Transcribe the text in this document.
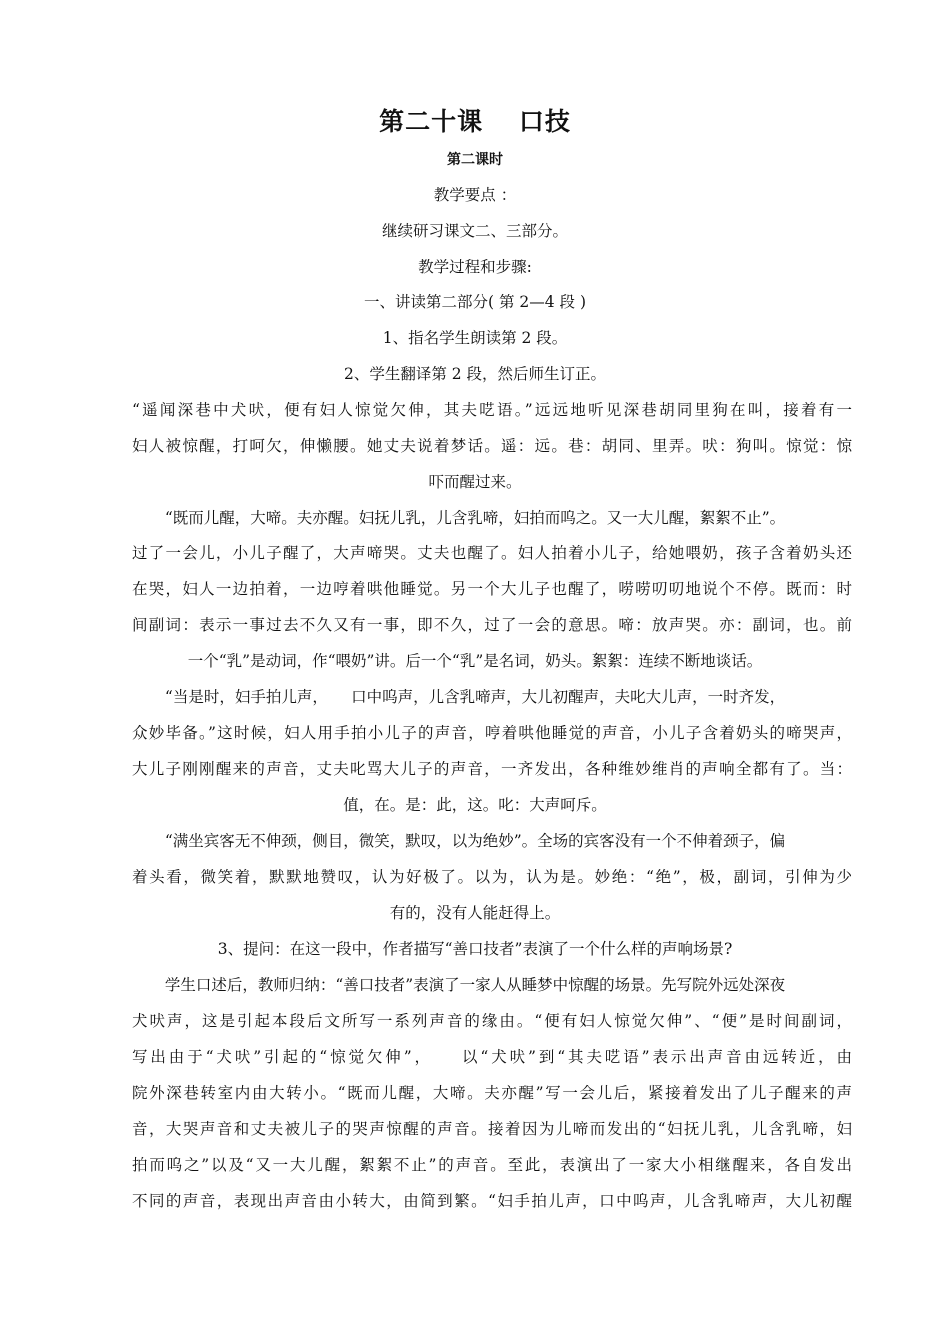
第二十课　 口技
第二课时
教学要点 ：
继续研习课文二、三部分。
教学过程和步骤:
一、讲读第二部分( 第 2—4 段 )
1、指名学生朗读第 2 段。
2、学生翻译第 2 段，然后师生订正。
“遥闻深巷中犬吠，便有妇人惊觉欠伸，其夫呓语。”远远地听见深巷胡同里狗在叫，接着有一
妇人被惊醒，打呵欠，伸懒腰。她丈夫说着梦话。遥：远。巷：胡同、里弄。吠：狗叫。惊觉：惊
吓而醒过来。
“既而儿醒，大啼。夫亦醒。妇抚儿乳，儿含乳啼，妇拍而呜之。又一大儿醒，絮絮不止”。
过了一会儿，小儿子醒了，大声啼哭。丈夫也醒了。妇人拍着小儿子，给她喂奶，孩子含着奶头还
在哭，妇人一边拍着，一边哼着哄他睡觉。另一个大儿子也醒了，唠唠叨叨地说个不停。既而：时
间副词：表示一事过去不久又有一事，即不久，过了一会的意思。啼：放声哭。亦：副词，也。前
一个“乳”是动词，作“喂奶”讲。后一个“乳”是名词，奶头。絮絮：连续不断地谈话。
“当是时，妇手拍儿声，　　口中呜声，儿含乳啼声，大儿初醒声，夫叱大儿声，一时齐发，
众妙毕备。”这时候，妇人用手拍小儿子的声音，哼着哄他睡觉的声音，小儿子含着奶头的啼哭声，
大儿子刚刚醒来的声音，丈夫叱骂大儿子的声音，一齐发出，各种维妙维肖的声响全都有了。当：
值，在。是：此，这。叱：大声呵斥。
“满坐宾客无不伸颈，侧目，微笑，默叹，以为绝妙”。全场的宾客没有一个不伸着颈子，偏
着头看，微笑着，默默地赞叹，认为好极了。以为，认为是。妙绝：“绝”，极，副词，引伸为少
有的，没有人能赶得上。
3、提问：在这一段中，作者描写“善口技者”表演了一个什么样的声响场景?
学生口述后，教师归纳：“善口技者”表演了一家人从睡梦中惊醒的场景。先写院外远处深夜
犬吠声，这是引起本段后文所写一系列声音的缘由。“便有妇人惊觉欠伸”、“便”是时间副词，
写出由于“犬吠”引起的“惊觉欠伸”，　　以“犬吠”到“其夫呓语”表示出声音由远转近，由
院外深巷转室内由大转小。“既而儿醒，大啼。夫亦醒”写一会儿后，紧接着发出了儿子醒来的声
音，大哭声音和丈夫被儿子的哭声惊醒的声音。接着因为儿啼而发出的“妇抚儿乳，儿含乳啼，妇
拍而呜之”以及“又一大儿醒，絮絮不止”的声音。至此，表演出了一家大小相继醒来，各自发出
不同的声音，表现出声音由小转大，由简到繁。“妇手拍儿声，口中呜声，儿含乳啼声，大儿初醒
